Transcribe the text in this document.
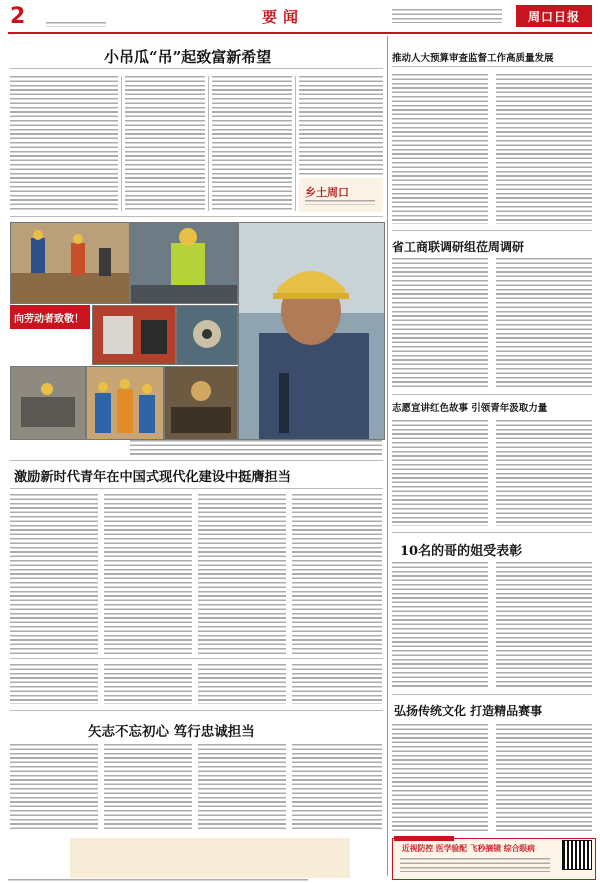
2	要闻	周口日报
小吊瓜“吊”起致富新希望
乡土周口
向劳动者致敬！
激励新时代青年在中国式现代化建设中挺膺担当
矢志不忘初心 笃行忠诚担当
推动人大预算审查监督工作高质量发展
省工商联调研组莅周调研
志愿宣讲红色故事 引领青年汲取力量
10名的哥的姐受表彰
弘扬传统文化 打造精品赛事
近视防控 医学验配 飞秒摘镜 综合眼病
